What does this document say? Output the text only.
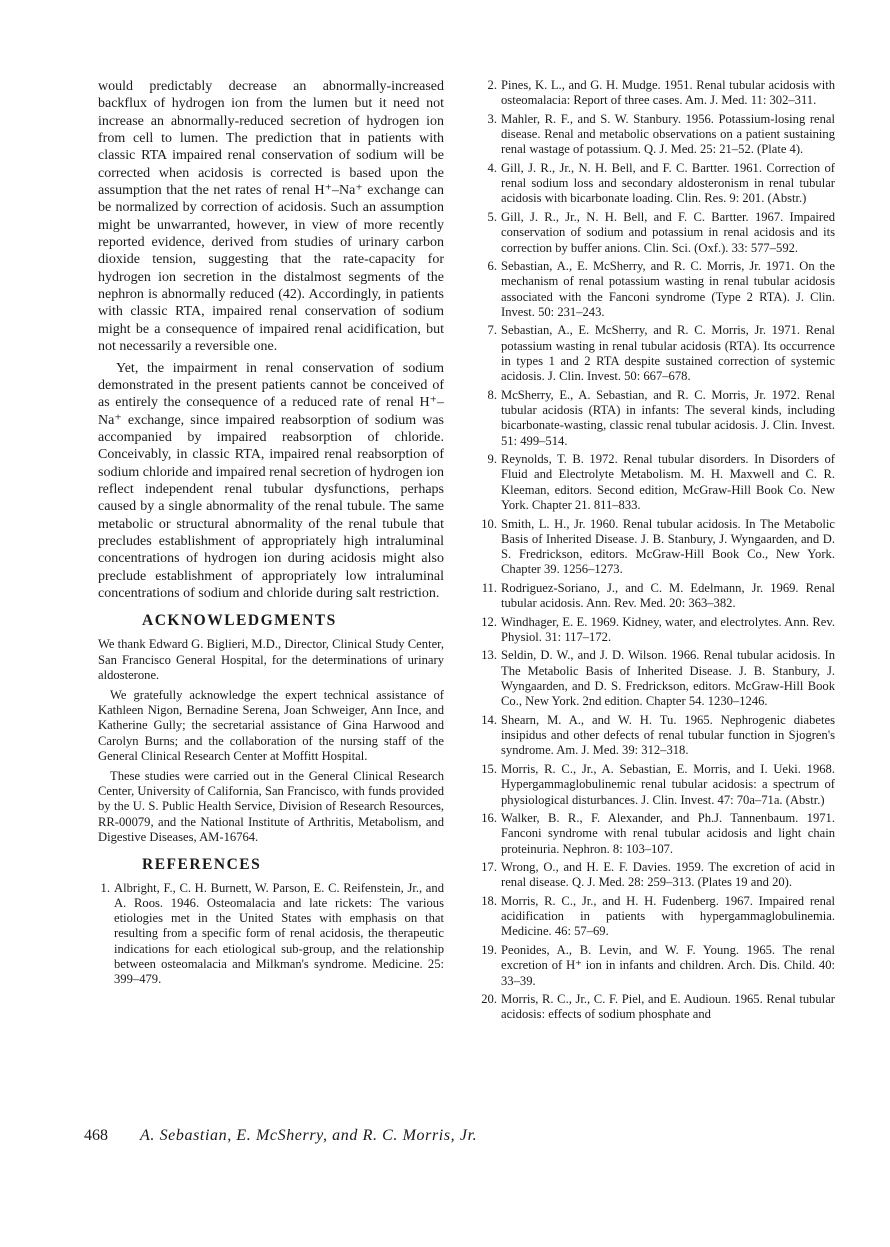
would predictably decrease an abnormally-increased backflux of hydrogen ion from the lumen but it need not increase an abnormally-reduced secretion of hydrogen ion from cell to lumen. The prediction that in patients with classic RTA impaired renal conservation of sodium will be corrected when acidosis is corrected is based upon the assumption that the net rates of renal H⁺–Na⁺ exchange can be normalized by correction of acidosis. Such an assumption might be unwarranted, however, in view of more recently reported evidence, derived from studies of urinary carbon dioxide tension, suggesting that the rate-capacity for hydrogen ion secretion in the distalmost segments of the nephron is abnormally reduced (42). Accordingly, in patients with classic RTA, impaired renal conservation of sodium might be a consequence of impaired renal acidification, but not necessarily a reversible one.

Yet, the impairment in renal conservation of sodium demonstrated in the present patients cannot be conceived of as entirely the consequence of a reduced rate of renal H⁺–Na⁺ exchange, since impaired reabsorption of sodium was accompanied by impaired reabsorption of chloride. Conceivably, in classic RTA, impaired renal reabsorption of sodium chloride and impaired renal secretion of hydrogen ion reflect independent renal tubular dysfunctions, perhaps caused by a single abnormality of the renal tubule. The same metabolic or structural abnormality of the renal tubule that precludes establishment of appropriately high intraluminal concentrations of hydrogen ion during acidosis might also preclude establishment of appropriately low intraluminal concentrations of sodium and chloride during salt restriction.

ACKNOWLEDGMENTS

We thank Edward G. Biglieri, M.D., Director, Clinical Study Center, San Francisco General Hospital, for the determinations of urinary aldosterone.

We gratefully acknowledge the expert technical assistance of Kathleen Nigon, Bernadine Serena, Joan Schweiger, Ann Ince, and Katherine Gully; the secretarial assistance of Gina Harwood and Carolyn Burns; and the collaboration of the nursing staff of the General Clinical Research Center at Moffitt Hospital.

These studies were carried out in the General Clinical Research Center, University of California, San Francisco, with funds provided by the U. S. Public Health Service, Division of Research Resources, RR-00079, and the National Institute of Arthritis, Metabolism, and Digestive Diseases, AM-16764.

REFERENCES
1. Albright, F., C. H. Burnett, W. Parson, E. C. Reifenstein, Jr., and A. Roos. 1946. Osteomalacia and late rickets: The various etiologies met in the United States with emphasis on that resulting from a specific form of renal acidosis, the therapeutic indications for each etiological sub-group, and the relationship between osteomalacia and Milkman's syndrome. Medicine. 25: 399–479.
2. Pines, K. L., and G. H. Mudge. 1951. Renal tubular acidosis with osteomalacia: Report of three cases. Am. J. Med. 11: 302–311.
3. Mahler, R. F., and S. W. Stanbury. 1956. Potassium-losing renal disease. Renal and metabolic observations on a patient sustaining renal wastage of potassium. Q. J. Med. 25: 21–52. (Plate 4).
4. Gill, J. R., Jr., N. H. Bell, and F. C. Bartter. 1961. Correction of renal sodium loss and secondary aldosteronism in renal tubular acidosis with bicarbonate loading. Clin. Res. 9: 201. (Abstr.)
5. Gill, J. R., Jr., N. H. Bell, and F. C. Bartter. 1967. Impaired conservation of sodium and potassium in renal acidosis and its correction by buffer anions. Clin. Sci. (Oxf.). 33: 577–592.
6. Sebastian, A., E. McSherry, and R. C. Morris, Jr. 1971. On the mechanism of renal potassium wasting in renal tubular acidosis associated with the Fanconi syndrome (Type 2 RTA). J. Clin. Invest. 50: 231–243.
7. Sebastian, A., E. McSherry, and R. C. Morris, Jr. 1971. Renal potassium wasting in renal tubular acidosis (RTA). Its occurrence in types 1 and 2 RTA despite sustained correction of systemic acidosis. J. Clin. Invest. 50: 667–678.
8. McSherry, E., A. Sebastian, and R. C. Morris, Jr. 1972. Renal tubular acidosis (RTA) in infants: The several kinds, including bicarbonate-wasting, classic renal tubular acidosis. J. Clin. Invest. 51: 499–514.
9. Reynolds, T. B. 1972. Renal tubular disorders. In Disorders of Fluid and Electrolyte Metabolism. M. H. Maxwell and C. R. Kleeman, editors. Second edition, McGraw-Hill Book Co. New York. Chapter 21. 811–833.
10. Smith, L. H., Jr. 1960. Renal tubular acidosis. In The Metabolic Basis of Inherited Disease. J. B. Stanbury, J. Wyngaarden, and D. S. Fredrickson, editors. McGraw-Hill Book Co., New York. Chapter 39. 1256–1273.
11. Rodriguez-Soriano, J., and C. M. Edelmann, Jr. 1969. Renal tubular acidosis. Ann. Rev. Med. 20: 363–382.
12. Windhager, E. E. 1969. Kidney, water, and electrolytes. Ann. Rev. Physiol. 31: 117–172.
13. Seldin, D. W., and J. D. Wilson. 1966. Renal tubular acidosis. In The Metabolic Basis of Inherited Disease. J. B. Stanbury, J. Wyngaarden, and D. S. Fredrickson, editors. McGraw-Hill Book Co., New York. 2nd edition. Chapter 54. 1230–1246.
14. Shearn, M. A., and W. H. Tu. 1965. Nephrogenic diabetes insipidus and other defects of renal tubular function in Sjogren's syndrome. Am. J. Med. 39: 312–318.
15. Morris, R. C., Jr., A. Sebastian, E. Morris, and I. Ueki. 1968. Hypergammaglobulinemic renal tubular acidosis: a spectrum of physiological disturbances. J. Clin. Invest. 47: 70a–71a. (Abstr.)
16. Walker, B. R., F. Alexander, and Ph.J. Tannenbaum. 1971. Fanconi syndrome with renal tubular acidosis and light chain proteinuria. Nephron. 8: 103–107.
17. Wrong, O., and H. E. F. Davies. 1959. The excretion of acid in renal disease. Q. J. Med. 28: 259–313. (Plates 19 and 20).
18. Morris, R. C., Jr., and H. H. Fudenberg. 1967. Impaired renal acidification in patients with hypergammaglobulinemia. Medicine. 46: 57–69.
19. Peonides, A., B. Levin, and W. F. Young. 1965. The renal excretion of H⁺ ion in infants and children. Arch. Dis. Child. 40: 33–39.
20. Morris, R. C., Jr., C. F. Piel, and E. Audioun. 1965. Renal tubular acidosis: effects of sodium phosphate and
468 A. Sebastian, E. McSherry, and R. C. Morris, Jr.
